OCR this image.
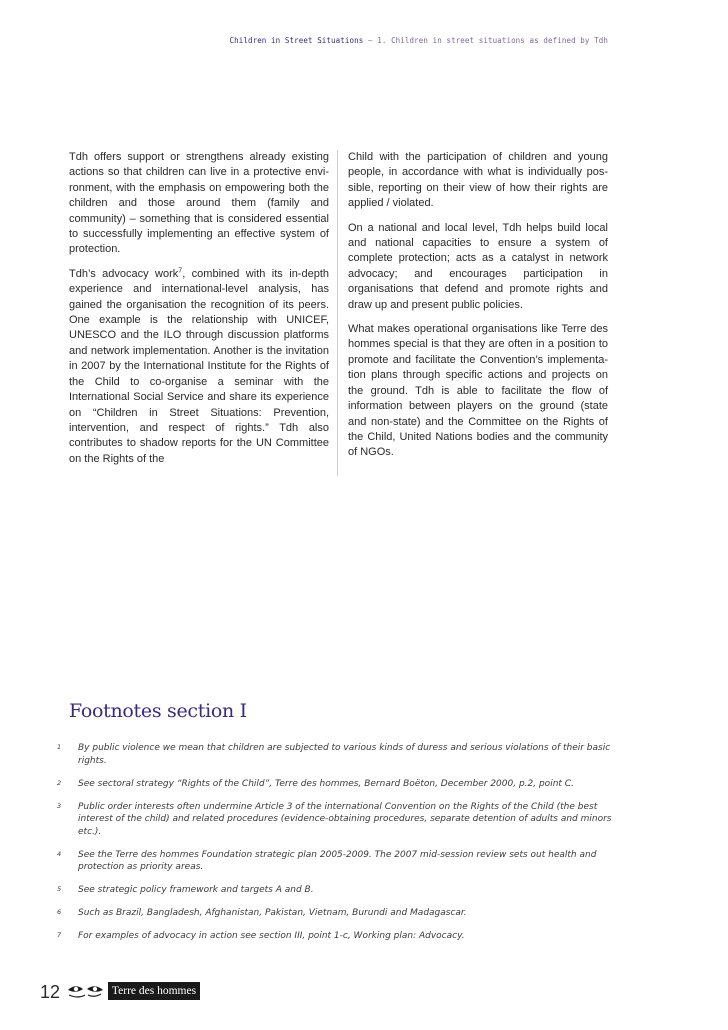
Children in Street Situations – 1. Children in street situations as defined by Tdh

Tdh offers support or strengthens already existing actions so that children can live in a protective environment, with the emphasis on empowering both the children and those around them (family and community) – something that is considered essential to successfully implementing an effective system of protection.

Tdh’s advocacy work$^7$, combined with its in-depth experience and international-level analysis, has gained the organisation the recognition of its peers. One example is the relationship with UNICEF, UNESCO and the ILO through discussion platforms and network implementation. Another is the invitation in 2007 by the International Institute for the Rights of the Child to co-organise a seminar with the International Social Service and share its experience on “Children in Street Situations: Prevention, intervention, and respect of rights.” Tdh also contributes to shadow reports for the UN Committee on the Rights of the

Child with the participation of children and young people, in accordance with what is individually possible, reporting on their view of how their rights are applied / violated.

On a national and local level, Tdh helps build local and national capacities to ensure a system of complete protection; acts as a catalyst in network advocacy; and encourages participation in organisations that defend and promote rights and draw up and present public policies.

What makes operational organisations like Terre des hommes special is that they are often in a position to promote and facilitate the Convention’s implementation plans through specific actions and projects on the ground. Tdh is able to facilitate the flow of information between players on the ground (state and non-state) and the Committee on the Rights of the Child, United Nations bodies and the community of NGOs.

Footnotes section I
1	By public violence we mean that children are subjected to various kinds of duress and serious violations of their basic rights.
2	See sectoral strategy “Rights of the Child”, Terre des hommes, Bernard Boëton, December 2000, p.2, point C.
3	Public order interests often undermine Article 3 of the international Convention on the Rights of the Child (the best interest of the child) and related procedures (evidence-obtaining procedures, separate detention of adults and minors etc.).
4	See the Terre des hommes Foundation strategic plan 2005-2009. The 2007 mid-session review sets out health and protection as priority areas.
5	See strategic policy framework and targets A and B.
6	Such as Brazil, Bangladesh, Afghanistan, Pakistan, Vietnam, Burundi and Madagascar.
7	For examples of advocacy in action see section III, point 1-c, Working plan: Advocacy.
12	Terre des hommes
